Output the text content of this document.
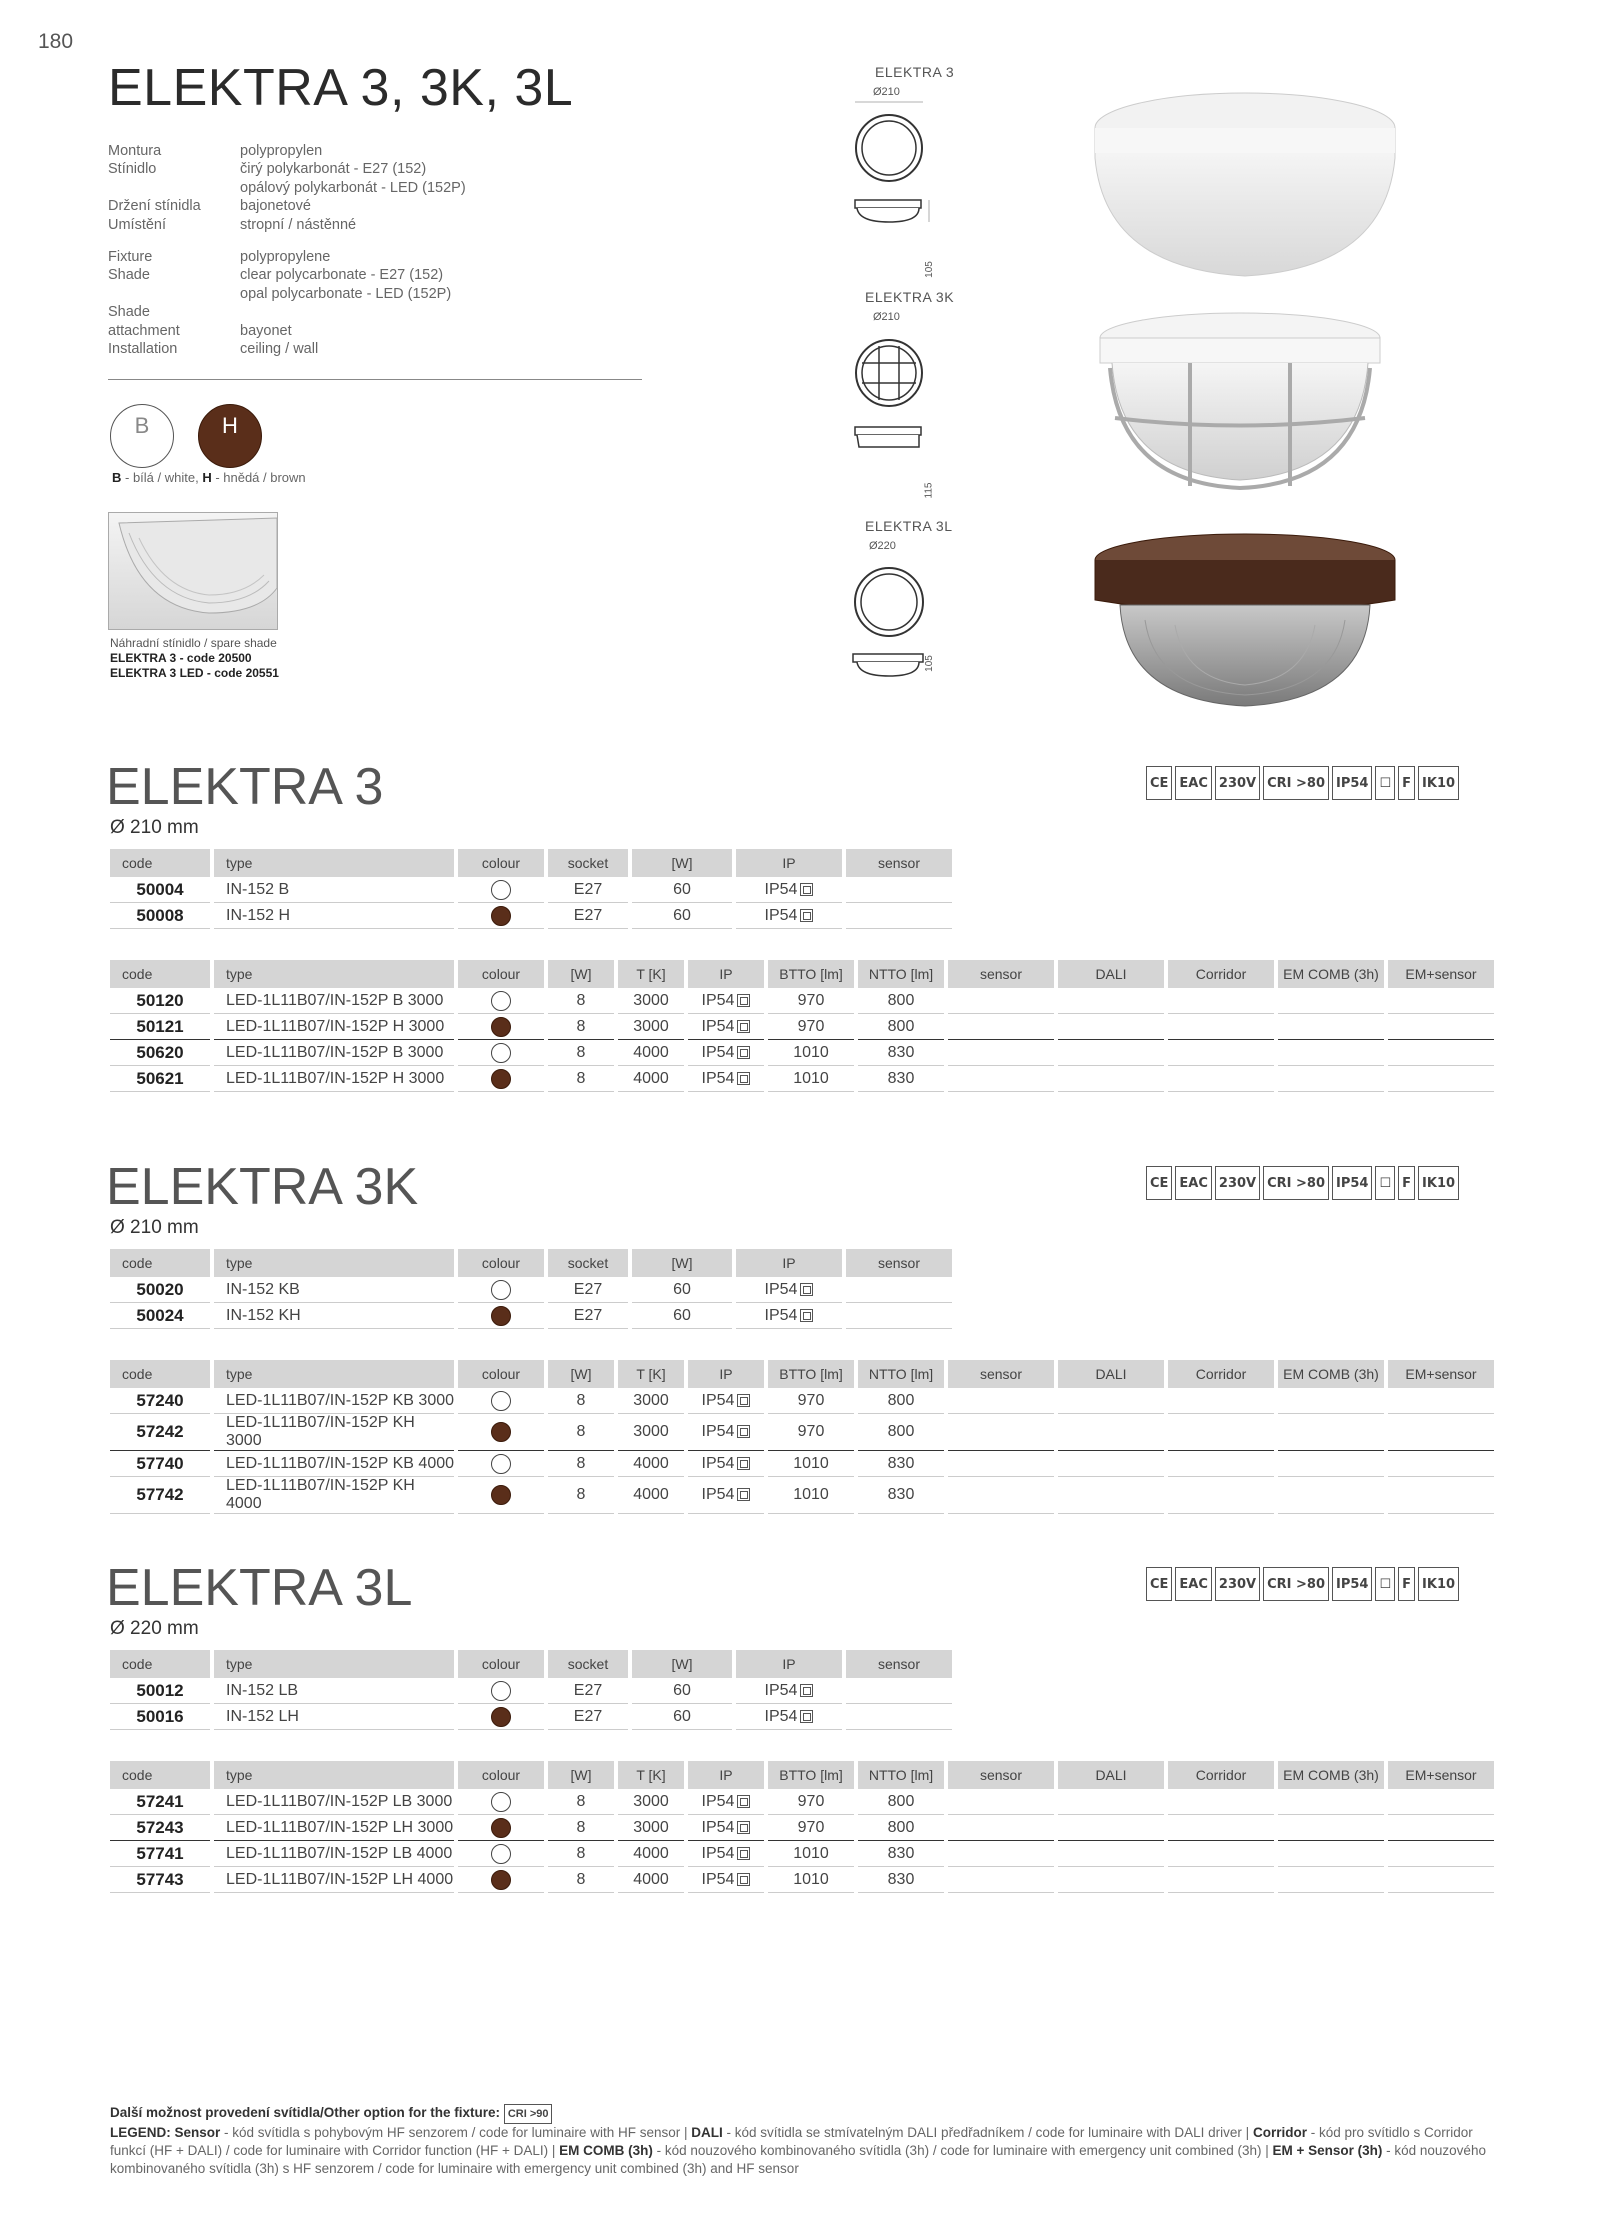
180
ELEKTRA 3, 3K, 3L
Montura	polypropylen
Stínidlo	čirý polykarbonát - E27 (152)
opálový polykarbonát - LED (152P)
Držení stínidla	bajonetové
Umístění	stropní / nástěnné
Fixture	polypropylene
Shade	clear polycarbonate - E27 (152)
opal polycarbonate - LED (152P)
Shade
attachment	bayonet
Installation	ceiling / wall
B	H
B - bílá / white, H - hnědá / brown
Náhradní stínidlo / spare shade
ELEKTRA 3 - code 20500
ELEKTRA 3 LED - code 20551
ELEKTRA 3
Ø210
105
ELEKTRA 3K
Ø210
115
ELEKTRA 3L
Ø220
105
ELEKTRA 3
Ø 210 mm
CE EAC 230V CRI >80 IP54 ☐ F IK10
code	type	colour	socket	[W]	IP	sensor
50004	IN-152 B		E27	60	IP54	
50008	IN-152 H		E27	60	IP54	
code	type	colour	[W]	T [K]	IP	BTTO [lm]	NTTO [lm]	sensor	DALI	Corridor	EM COMB (3h)	EM+sensor
50120	LED-1L11B07/IN-152P B 3000		8	3000	IP54	970	800					
50121	LED-1L11B07/IN-152P H 3000		8	3000	IP54	970	800					
50620	LED-1L11B07/IN-152P B 3000		8	4000	IP54	1010	830					
50621	LED-1L11B07/IN-152P H 3000		8	4000	IP54	1010	830					
ELEKTRA 3K
Ø 210 mm
CE EAC 230V CRI >80 IP54 ☐ F IK10
code	type	colour	socket	[W]	IP	sensor
50020	IN-152 KB		E27	60	IP54	
50024	IN-152 KH		E27	60	IP54	
code	type	colour	[W]	T [K]	IP	BTTO [lm]	NTTO [lm]	sensor	DALI	Corridor	EM COMB (3h)	EM+sensor
57240	LED-1L11B07/IN-152P KB 3000		8	3000	IP54	970	800					
57242	LED-1L11B07/IN-152P KH 3000		8	3000	IP54	970	800					
57740	LED-1L11B07/IN-152P KB 4000		8	4000	IP54	1010	830					
57742	LED-1L11B07/IN-152P KH 4000		8	4000	IP54	1010	830					
ELEKTRA 3L
Ø 220 mm
CE EAC 230V CRI >80 IP54 ☐ F IK10
code	type	colour	socket	[W]	IP	sensor
50012	IN-152 LB		E27	60	IP54	
50016	IN-152 LH		E27	60	IP54	
code	type	colour	[W]	T [K]	IP	BTTO [lm]	NTTO [lm]	sensor	DALI	Corridor	EM COMB (3h)	EM+sensor
57241	LED-1L11B07/IN-152P LB 3000		8	3000	IP54	970	800					
57243	LED-1L11B07/IN-152P LH 3000		8	3000	IP54	970	800					
57741	LED-1L11B07/IN-152P LB 4000		8	4000	IP54	1010	830					
57743	LED-1L11B07/IN-152P LH 4000		8	4000	IP54	1010	830					
Další možnost provedení svítidla/Other option for the fixture: CRI >90
LEGEND: Sensor - kód svítidla s pohybovým HF senzorem / code for luminaire with HF sensor | DALI - kód svítidla se stmívatelným DALI předřadníkem / code for luminaire with DALI driver | Corridor - kód pro svítidlo s Corridor funkcí (HF + DALI) / code for luminaire with Corridor function (HF + DALI) | EM COMB (3h) - kód nouzového kombinovaného svítidla (3h) / code for luminaire with emergency unit combined (3h) | EM + Sensor (3h) - kód nouzového kombinovaného svítidla (3h) s HF senzorem / code for luminaire with emergency unit combined (3h) and HF sensor
